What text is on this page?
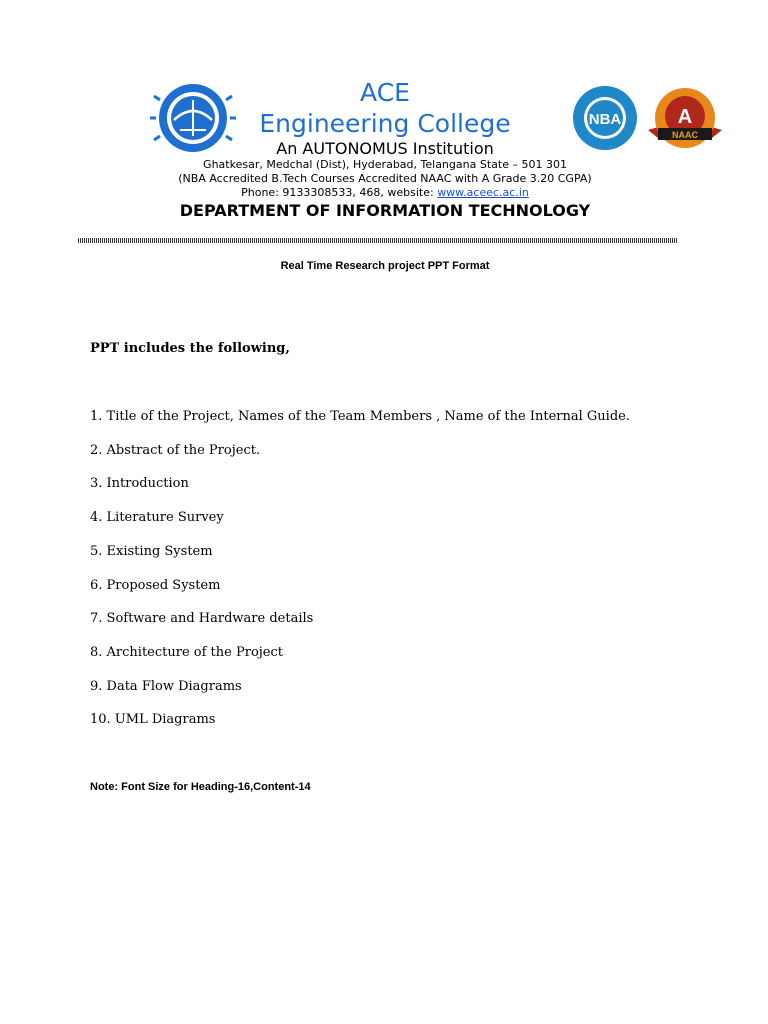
ACE
Engineering College
An AUTONOMUS Institution
Ghatkesar, Medchal (Dist), Hyderabad, Telangana State – 501 301
(NBA Accredited B.Tech Courses Accredited NAAC with A Grade 3.20 CGPA)
Phone: 9133308533, 468, website: www.aceec.ac.in
DEPARTMENT OF INFORMATION TECHNOLOGY
NBA	A
NAAC
Real Time Research project PPT Format
PPT includes the following,
1. Title of the Project, Names of the Team Members , Name of the Internal Guide.
2. Abstract of the Project.
3. Introduction
4. Literature Survey
5. Existing System
6. Proposed System
7. Software and Hardware details
8. Architecture of the Project
9. Data Flow Diagrams
10. UML Diagrams
Note: Font Size for Heading-16,Content-14
